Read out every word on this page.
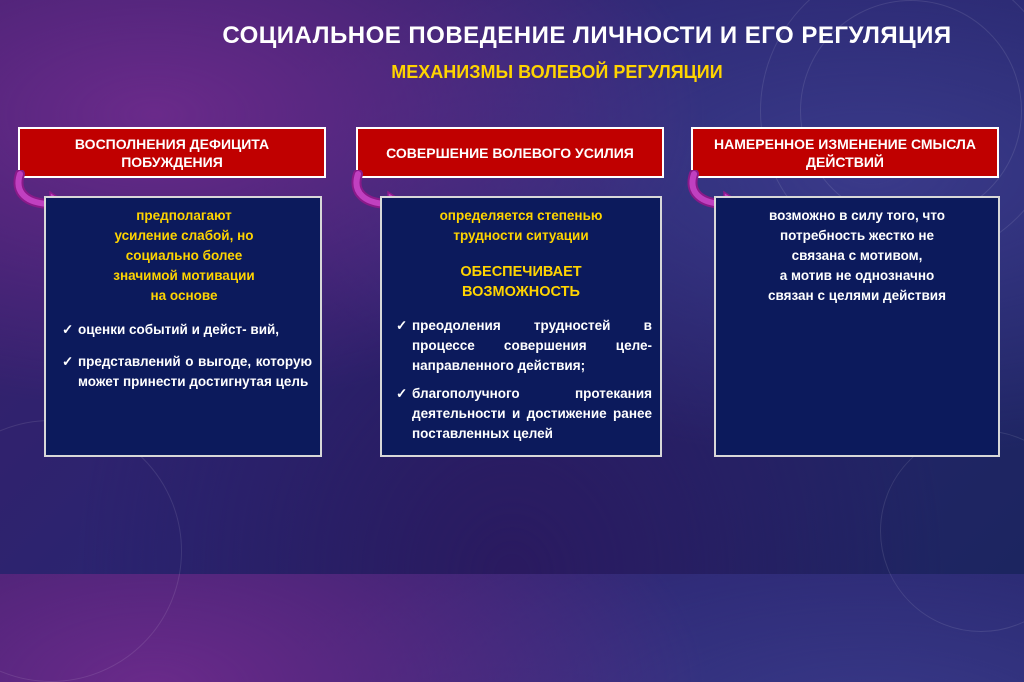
СОЦИАЛЬНОЕ ПОВЕДЕНИЕ ЛИЧНОСТИ И ЕГО РЕГУЛЯЦИЯ
МЕХАНИЗМЫ ВОЛЕВОЙ РЕГУЛЯЦИИ
ВОСПОЛНЕНИЯ ДЕФИЦИТА ПОБУЖДЕНИЯ

предполагают

усиление слабой, но

социально более

значимой мотивации

на основе

✓ оценки событий и дейст- вий,
✓ представлений о выгоде, которую может принести достигнутая цель
СОВЕРШЕНИЕ ВОЛЕВОГО УСИЛИЯ

определяется степенью

трудности ситуации

ОБЕСПЕЧИВАЕТ

ВОЗМОЖНОСТЬ

✓ преодоления трудностей в процессе совершения целе- направленного действия;
✓ благополучного протекания деятельности и достижение ранее поставленных целей
НАМЕРЕННОЕ ИЗМЕНЕНИЕ СМЫСЛА ДЕЙСТВИЙ

возможно в силу того, что

потребность жестко не

связана с мотивом,

а мотив не однозначно

связан с целями действия
